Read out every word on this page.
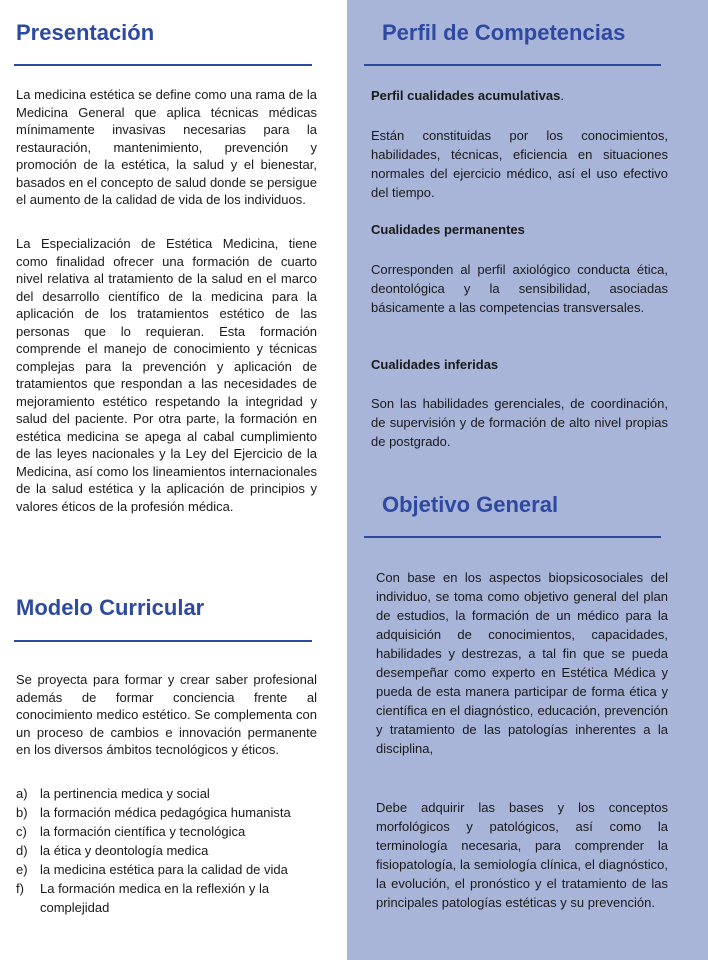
Presentación

La medicina estética se define como una rama de la Medicina General que aplica técnicas médicas mínimamente invasivas necesarias para la restauración, mantenimiento, prevención y promoción de la estética, la salud y el bienestar, basados en el concepto de salud donde se persigue el aumento de la calidad de vida de los individuos.

La Especialización de Estética Medicina, tiene como finalidad ofrecer una formación de cuarto nivel relativa al tratamiento de la salud en el marco del desarrollo científico de la medicina para la aplicación de los tratamientos estético de las personas que lo requieran. Esta formación comprende el manejo de conocimiento y técnicas complejas para la prevención y aplicación de tratamientos que respondan a las necesidades de mejoramiento estético respetando la integridad y salud del paciente. Por otra parte, la formación en estética medicina se apega al cabal cumplimiento de las leyes nacionales y la Ley del Ejercicio de la Medicina, así como los lineamientos internacionales de la salud estética y la aplicación de principios y valores éticos de la profesión médica.

Modelo Curricular

Se proyecta para formar y crear saber profesional además de formar conciencia frente al conocimiento medico estético. Se complementa con un proceso de cambios e innovación permanente en los diversos ámbitos tecnológicos y éticos.

a) la pertinencia medica y social
b) la formación médica pedagógica humanista
c) la formación científica y tecnológica
d) la ética y deontología medica
e) la medicina estética para la calidad de vida
f) La formación medica en la reflexión y la complejidad
Perfil de Competencias

Perfil cualidades acumulativas.

Están constituidas por los conocimientos, habilidades, técnicas, eficiencia en situaciones normales del ejercicio médico, así el uso efectivo del tiempo.

Cualidades permanentes

Corresponden al perfil axiológico conducta ética, deontológica y la sensibilidad, asociadas básicamente a las competencias transversales.

Cualidades inferidas

Son las habilidades gerenciales, de coordinación, de supervisión y de formación de alto nivel propias de postgrado.

Objetivo General

Con base en los aspectos biopsicosociales del individuo, se toma como objetivo general del plan de estudios, la formación de un médico para la adquisición de conocimientos, capacidades, habilidades y destrezas, a tal fin que se pueda desempeñar como experto en Estética Médica y pueda de esta manera participar de forma ética y científica en el diagnóstico, educación, prevención y tratamiento de las patologías inherentes a la disciplina,

Debe adquirir las bases y los conceptos morfológicos y patológicos, así como la terminología necesaria, para comprender la fisiopatología, la semiología clínica, el diagnóstico, la evolución, el pronóstico y el tratamiento de las principales patologías estéticas y su prevención.
